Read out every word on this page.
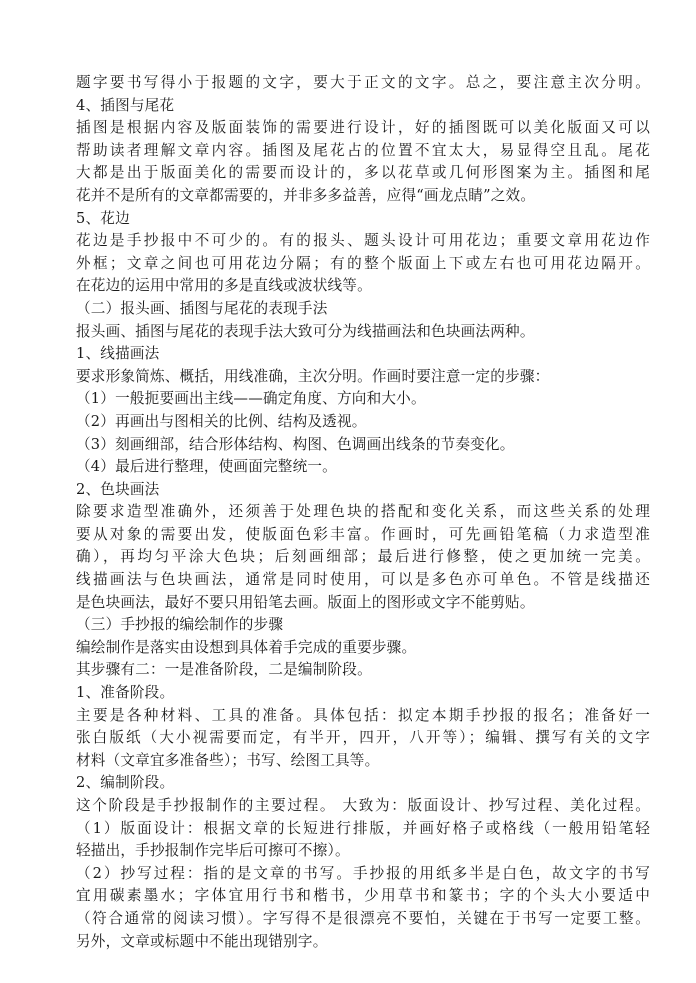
题字要书写得小于报题的文字，要大于正文的文字。总之，要注意主次分明。
4、插图与尾花
插图是根据内容及版面装饰的需要进行设计，好的插图既可以美化版面又可以
帮助读者理解文章内容。插图及尾花占的位置不宜太大，易显得空且乱。尾花
大都是出于版面美化的需要而设计的，多以花草或几何形图案为主。插图和尾
花并不是所有的文章都需要的，并非多多益善，应得“画龙点睛”之效。
5、花边
花边是手抄报中不可少的。有的报头、题头设计可用花边；重要文章用花边作
外框；文章之间也可用花边分隔；有的整个版面上下或左右也可用花边隔开。
在花边的运用中常用的多是直线或波状线等。
（二）报头画、插图与尾花的表现手法
报头画、插图与尾花的表现手法大致可分为线描画法和色块画法两种。
1、线描画法
要求形象简炼、概括，用线准确，主次分明。作画时要注意一定的步骤：
（1）一般扼要画出主线——确定角度、方向和大小。
（2）再画出与图相关的比例、结构及透视。
（3）刻画细部，结合形体结构、构图、色调画出线条的节奏变化。
（4）最后进行整理，使画面完整统一。
2、色块画法
除要求造型准确外，还须善于处理色块的搭配和变化关系，而这些关系的处理
要从对象的需要出发，使版面色彩丰富。作画时，可先画铅笔稿（力求造型准
确），再均匀平涂大色块；后刻画细部；最后进行修整，使之更加统一完美。
线描画法与色块画法，通常是同时使用，可以是多色亦可单色。不管是线描还
是色块画法，最好不要只用铅笔去画。版面上的图形或文字不能剪贴。
（三）手抄报的编绘制作的步骤
编绘制作是落实由设想到具体着手完成的重要步骤。
其步骤有二：一是准备阶段，二是编制阶段。
1、准备阶段。
主要是各种材料、工具的准备。具体包括：拟定本期手抄报的报名；准备好一
张白版纸（大小视需要而定，有半开，四开，八开等）；编辑、撰写有关的文字
材料（文章宜多准备些）；书写、绘图工具等。
2、编制阶段。
这个阶段是手抄报制作的主要过程。 大致为：版面设计、抄写过程、美化过程。
（1）版面设计：根据文章的长短进行排版，并画好格子或格线（一般用铅笔轻
轻描出，手抄报制作完毕后可擦可不擦）。
（2）抄写过程：指的是文章的书写。手抄报的用纸多半是白色，故文字的书写
宜用碳素墨水；字体宜用行书和楷书，少用草书和篆书；字的个头大小要适中
（符合通常的阅读习惯）。字写得不是很漂亮不要怕，关键在于书写一定要工整。
另外，文章或标题中不能出现错别字。
